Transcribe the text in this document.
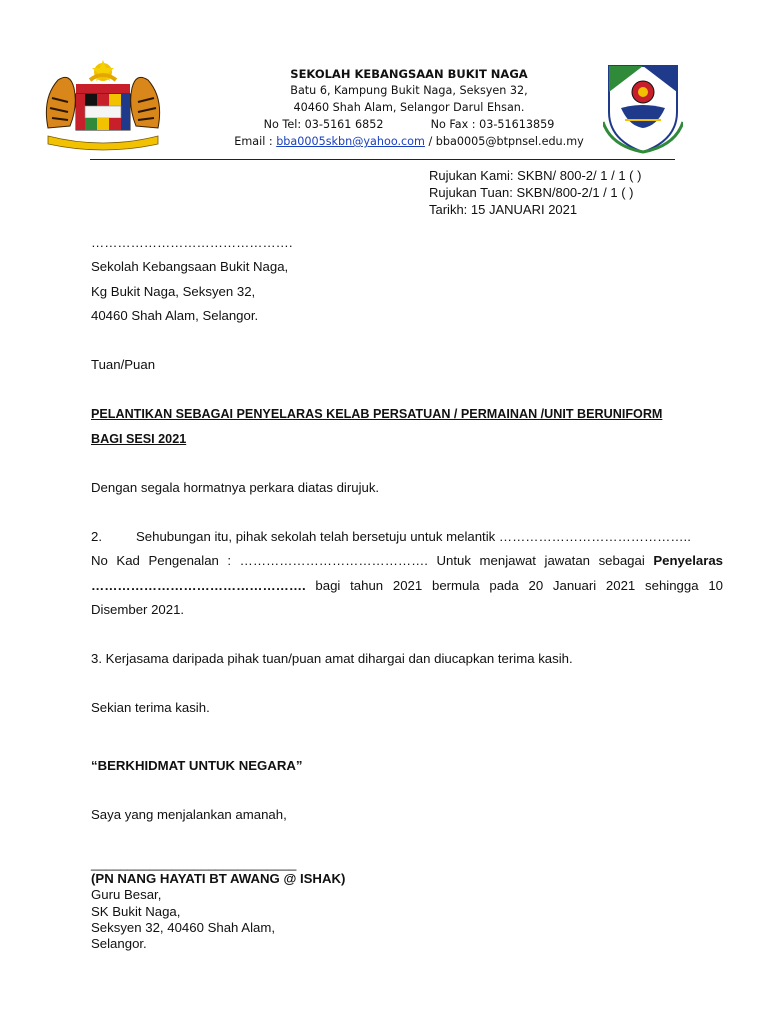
SEKOLAH KEBANGSAAN BUKIT NAGA
Batu 6, Kampung Bukit Naga, Seksyen 32,
40460 Shah Alam, Selangor Darul Ehsan.
No Tel: 03-5161 6852	No Fax : 03-51613859
Email : bba0005skbn@yahoo.com / bba0005@btpnsel.edu.my
Rujukan Kami: SKBN/ 800-2/ 1 / 1 ( )
Rujukan Tuan: SKBN/800-2/1 / 1 ( )
Tarikh: 15 JANUARI 2021
……………………………………….
Sekolah Kebangsaan Bukit Naga,
Kg Bukit Naga, Seksyen 32,
40460 Shah Alam, Selangor.
Tuan/Puan
PELANTIKAN SEBAGAI PENYELARAS KELAB PERSATUAN / PERMAINAN /UNIT BERUNIFORM
BAGI SESI 2021
Dengan segala hormatnya perkara diatas dirujuk.
2.	Sehubungan itu, pihak sekolah telah bersetuju untuk melantik ……………………………………..
No Kad Pengenalan : ……………………………………. Untuk menjawat jawatan sebagai Penyelaras
…………………………………………. bagi tahun 2021 bermula pada 20 Januari 2021 sehingga 10
Disember 2021.
3. Kerjasama daripada pihak tuan/puan amat dihargai dan diucapkan terima kasih.
Sekian terima kasih.
“BERKHIDMAT UNTUK NEGARA”
Saya yang menjalankan amanah,
____________________________
(PN NANG HAYATI BT AWANG @ ISHAK)
Guru Besar,
SK Bukit Naga,
Seksyen 32, 40460 Shah Alam,
Selangor.
